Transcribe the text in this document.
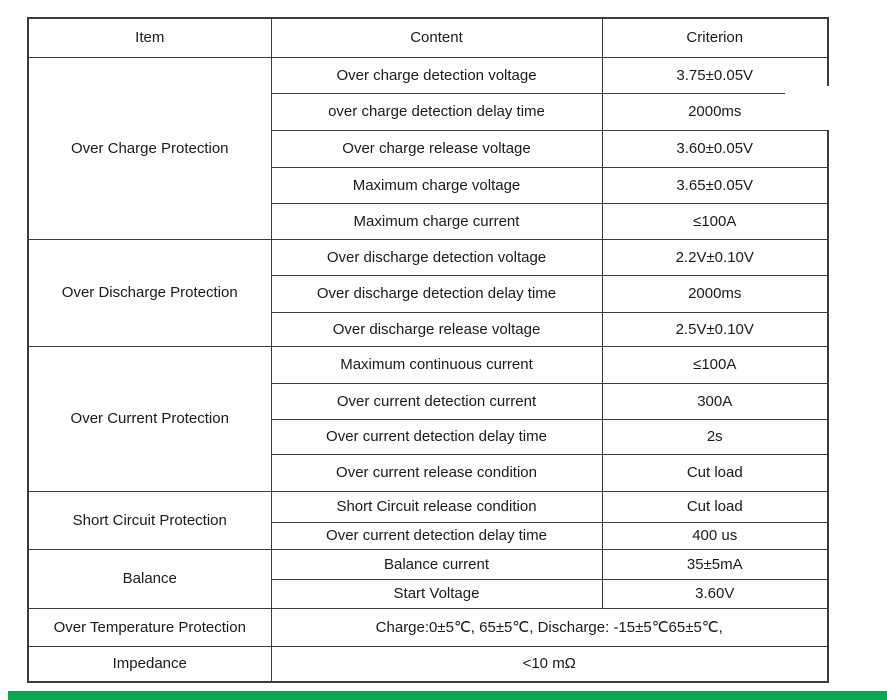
Item	Content	Criterion
Over Charge Protection	Over charge detection voltage	3.75±0.05V
	over charge detection delay time	2000ms
	Over charge release voltage	3.60±0.05V
	Maximum charge voltage	3.65±0.05V
	Maximum charge current	≤100A
Over Discharge Protection	Over discharge detection voltage	2.2V±0.10V
	Over discharge detection delay time	2000ms
	Over discharge release voltage	2.5V±0.10V
Over Current Protection	Maximum continuous current	≤100A
	Over current detection current	300A
	Over current detection delay time	2s
	Over current release condition	Cut load
Short Circuit Protection	Short Circuit release condition	Cut load
	Over current detection delay time	400 us
Balance	Balance current	35±5mA
	Start Voltage	3.60V
Over Temperature Protection	Charge:0±5℃, 65±5℃, Discharge: -15±5℃65±5℃,	
Impedance	<10 mΩ	
